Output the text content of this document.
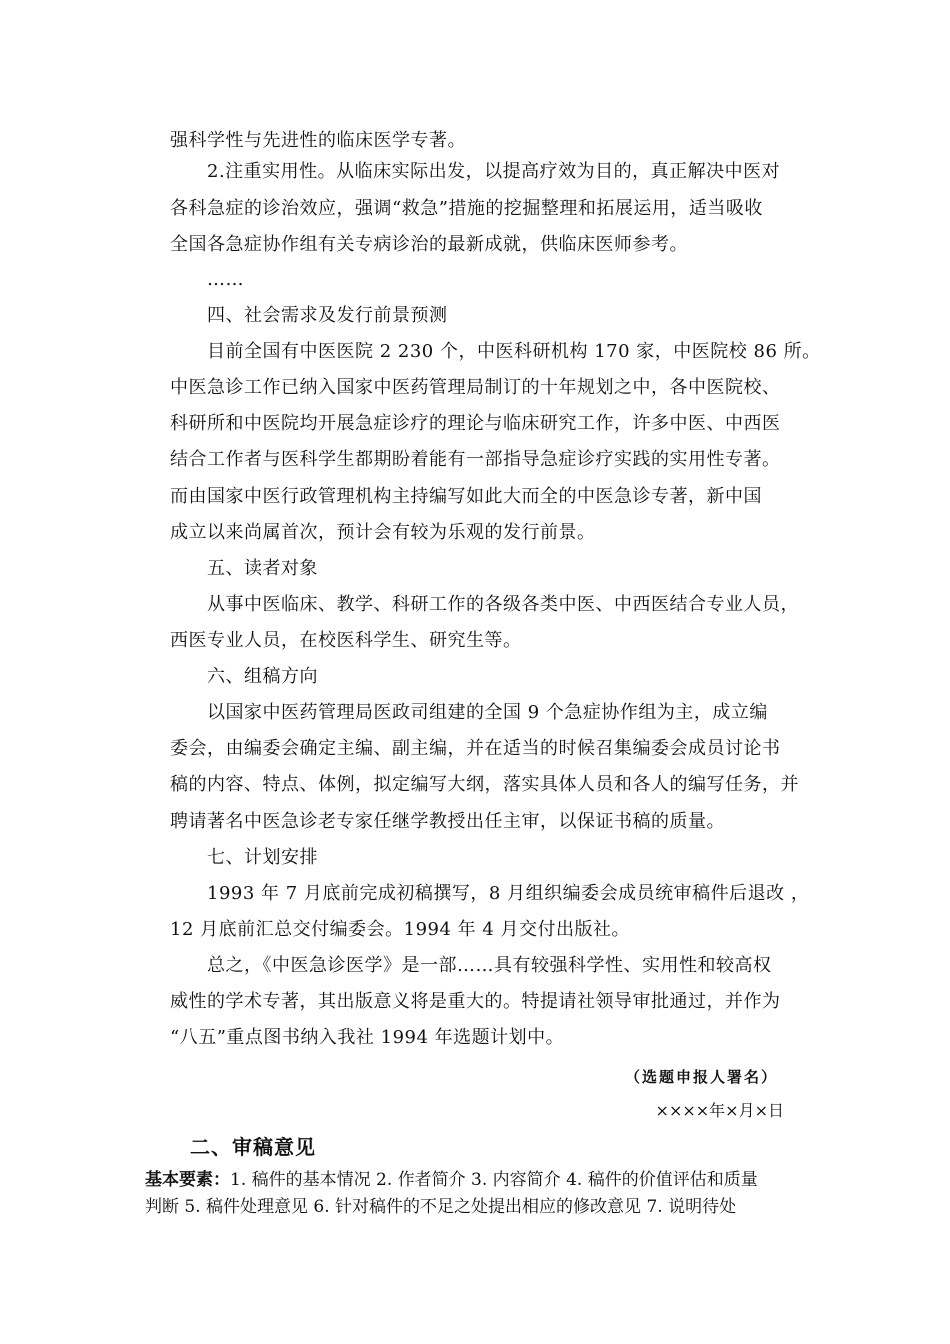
强科学性与先进性的临床医学专著。
2.注重实用性。从临床实际出发，以提高疗效为目的，真正解决中医对
各科急症的诊治效应，强调“救急”措施的挖掘整理和拓展运用，适当吸收
全国各急症协作组有关专病诊治的最新成就，供临床医师参考。
……
四、社会需求及发行前景预测
目前全国有中医医院 2 230 个，中医科研机构 170 家，中医院校 86 所。
中医急诊工作已纳入国家中医药管理局制订的十年规划之中，各中医院校、
科研所和中医院均开展急症诊疗的理论与临床研究工作，许多中医、中西医
结合工作者与医科学生都期盼着能有一部指导急症诊疗实践的实用性专著。
而由国家中医行政管理机构主持编写如此大而全的中医急诊专著，新中国
成立以来尚属首次，预计会有较为乐观的发行前景。
五、读者对象
从事中医临床、教学、科研工作的各级各类中医、中西医结合专业人员，
西医专业人员，在校医科学生、研究生等。
六、组稿方向
以国家中医药管理局医政司组建的全国 9 个急症协作组为主，成立编
委会，由编委会确定主编、副主编，并在适当的时候召集编委会成员讨论书
稿的内容、特点、体例，拟定编写大纲，落实具体人员和各人的编写任务，并
聘请著名中医急诊老专家任继学教授出任主审，以保证书稿的质量。
七、计划安排
1993 年 7 月底前完成初稿撰写，8 月组织编委会成员统审稿件后退改 ，
12 月底前汇总交付编委会。1994 年 4 月交付出版社。
总之，《中医急诊医学》是一部……具有较强科学性、实用性和较高权
威性的学术专著，其出版意义将是重大的。特提请社领导审批通过，并作为
“八五”重点图书纳入我社 1994 年选题计划中。
（选题申报人署名）
××××年×月×日
二、审稿意见
基本要素：1. 稿件的基本情况 2. 作者简介 3. 内容简介 4. 稿件的价值评估和质量
判断 5. 稿件处理意见 6. 针对稿件的不足之处提出相应的修改意见 7. 说明待处
